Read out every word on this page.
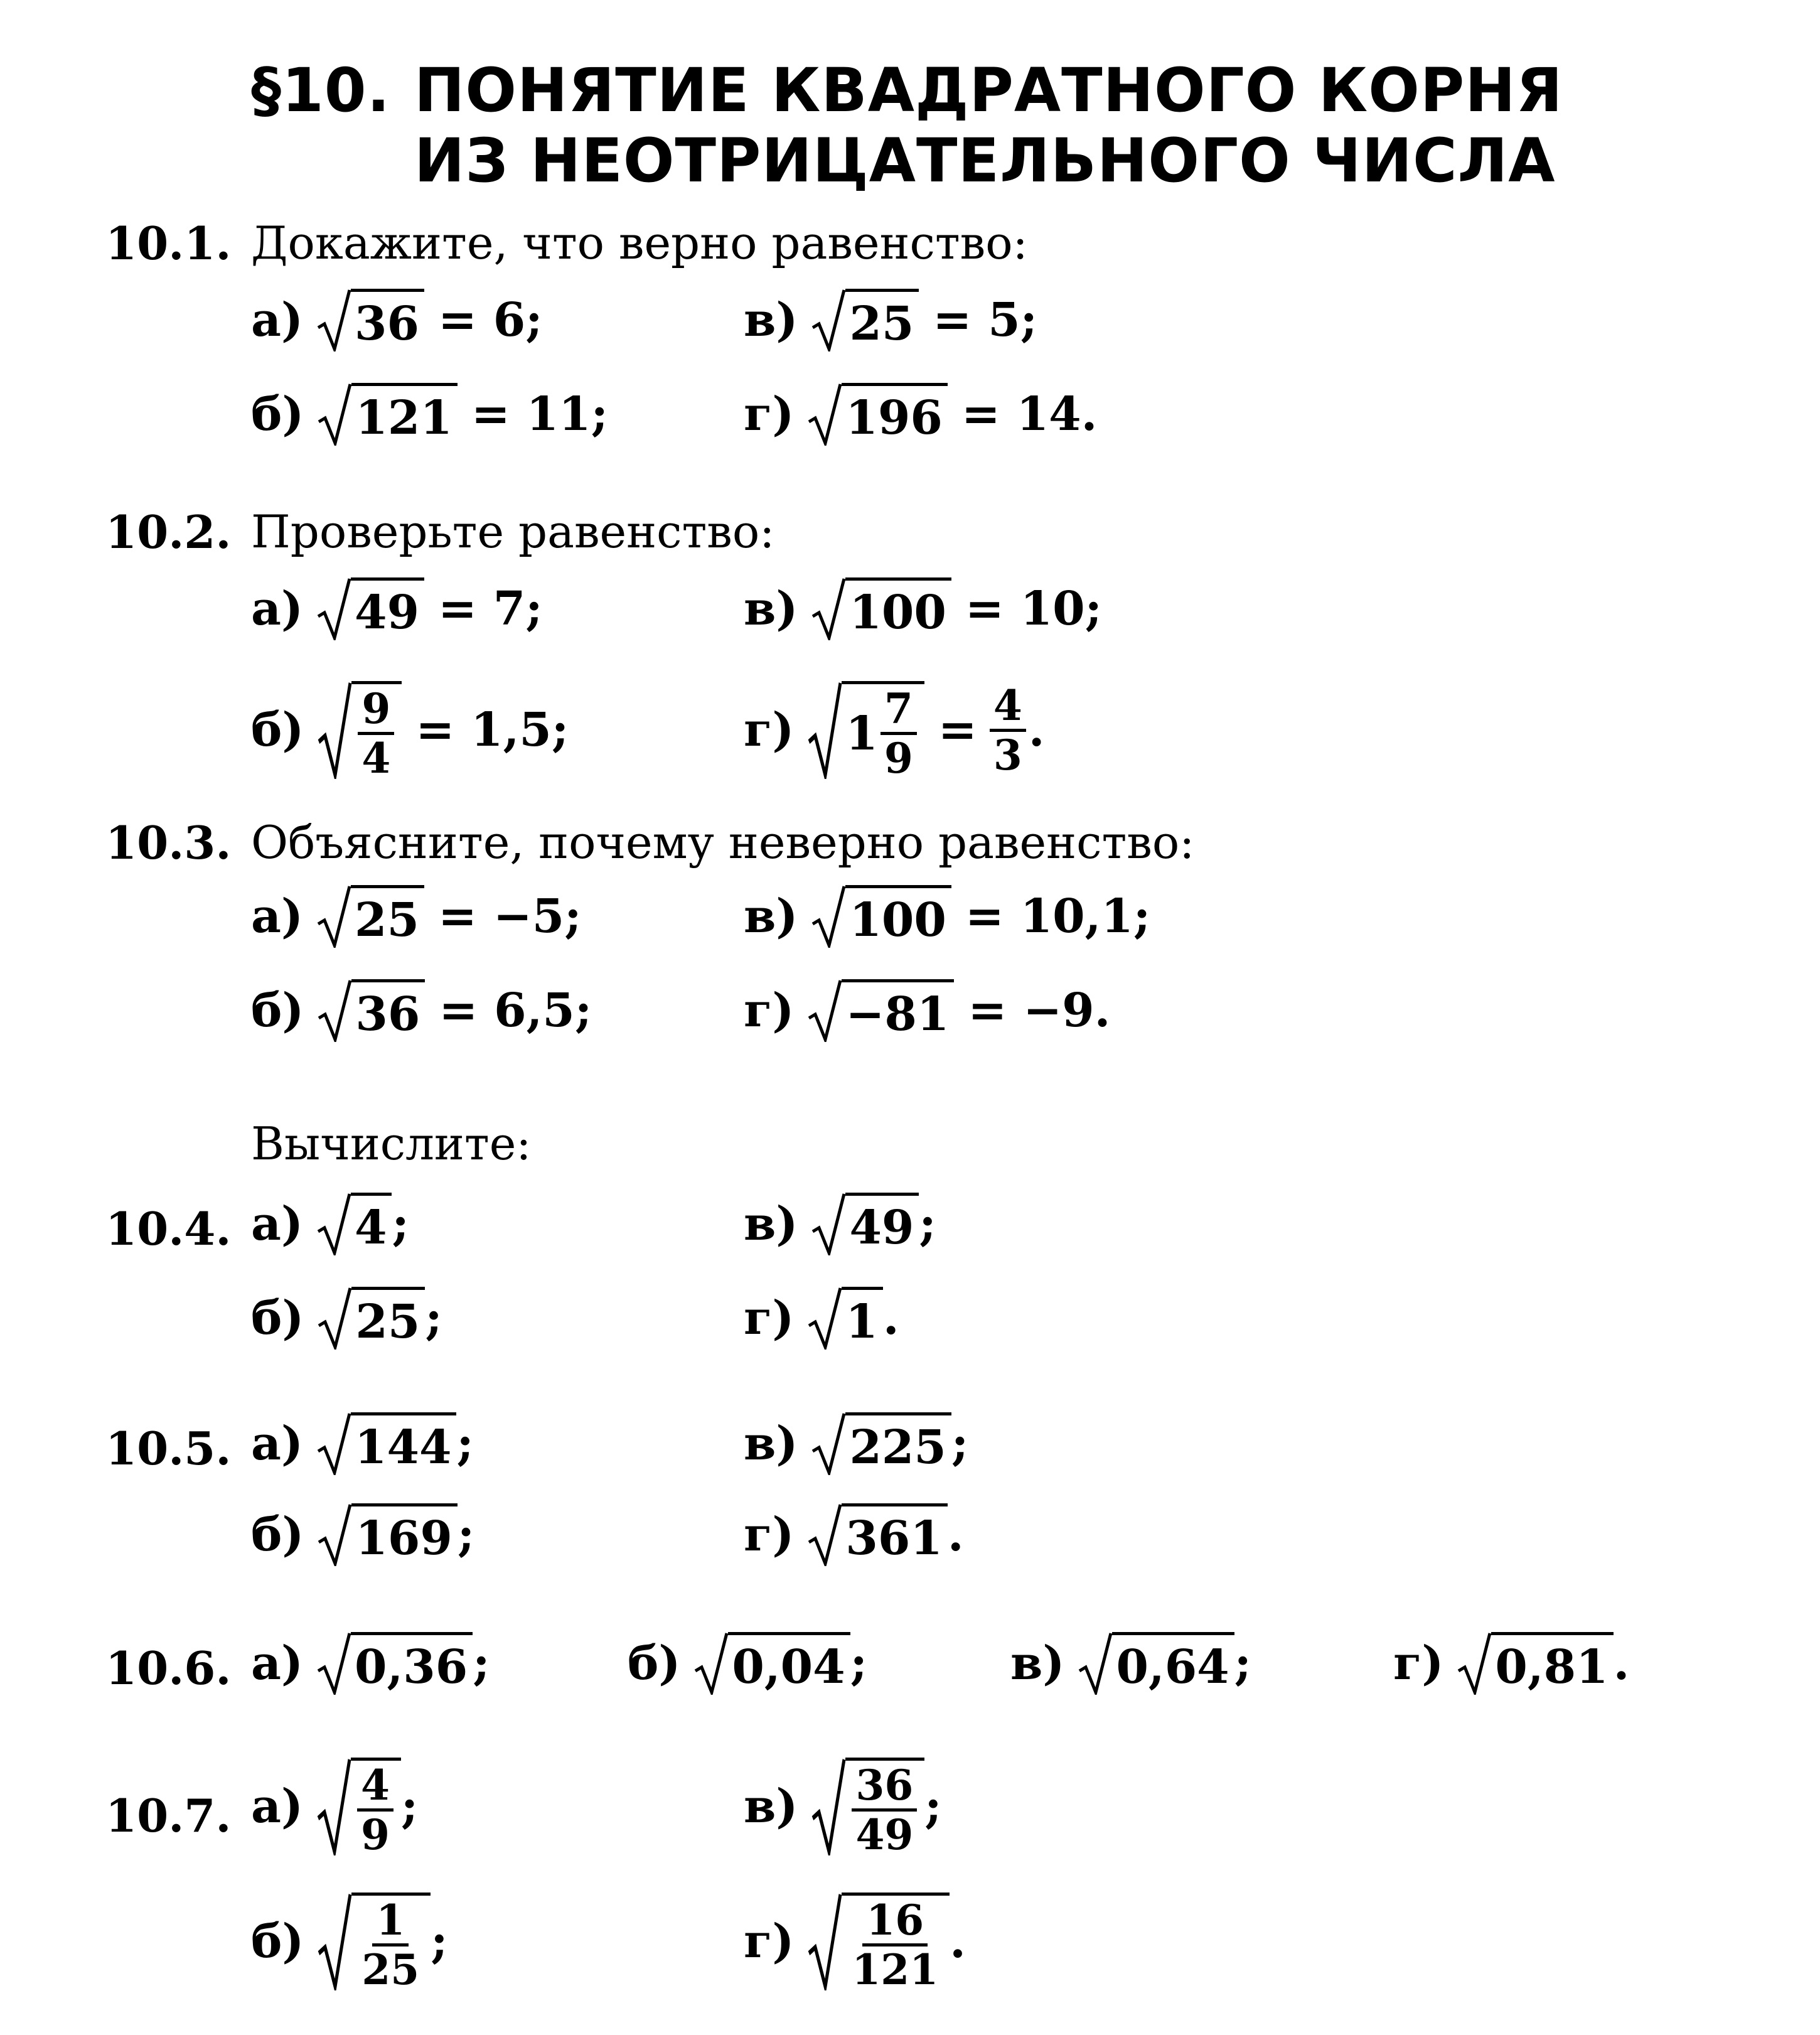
§10. ПОНЯТИЕ КВАДРАТНОГО КОРНЯ
ИЗ НЕОТРИЦАТЕЛЬНОГО ЧИСЛА
10.1. Докажите, что верно равенство:
а) 36 = 6;	в) 25 = 5;
б) 121 = 11;	г) 196 = 14.
10.2. Проверьте равенство:
а) 49 = 7;	в) 100 = 10;
$б) \frac{9}{4} = 1,5$;	г) $1 \frac{7}{9} = \frac{4}{3}$ .
10.3. Объясните, почему неверно равенство:
а) 25 = −5;	в) 100 = 10,1;
б) 36 = 6,5;	г) −81 = −9.
Вычислите:
10.4. а) 4 ;	в) 49 ;
б) 25 ;	г) 1 .
10.5. а) 144 ;	в) 225 ;
б) 169 ;	г) 361 .
10.6. а) 0,36 ;	б) 0,04 ;	в) 0,64 ;	г) 0,81 .
10.7. $а) \frac{4}{9}$ ;	$в) \frac{36}{49}$ ;
$б) \frac{1}{25}$ ;	$г) \frac{16}{121}$ .
